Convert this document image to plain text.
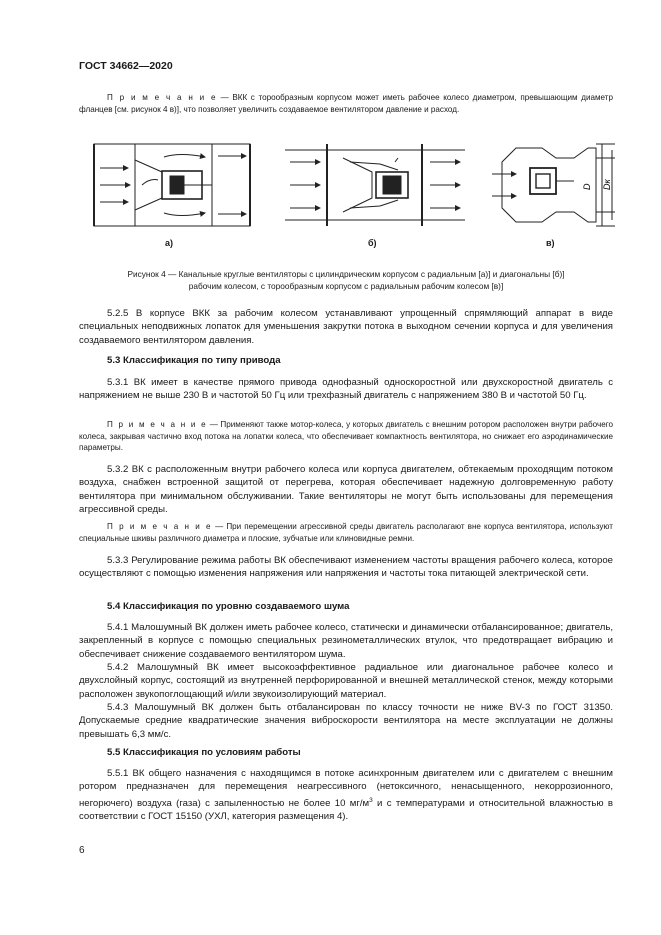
ГОСТ 34662—2020
П р и м е ч а н и е — ВКК с торообразным корпусом может иметь рабочее колесо диаметром, превышающим диаметр фланцев [см. рисунок 4 в)], что позволяет увеличить создаваемое вентилятором давление и расход.
D Dк
а)	б)	в)
Рисунок 4 — Канальные круглые вентиляторы с цилиндрическим корпусом с радиальным [а)] и диагональны [б)]
рабочим колесом, с торообразным корпусом с радиальным рабочим колесом [в)]
5.2.5 В корпусе ВКК за рабочим колесом устанавливают упрощенный спрямляющий аппарат в виде специальных неподвижных лопаток для уменьшения закрутки потока в выходном сечении корпуса и для увеличения создаваемого вентилятором давления.
5.3 Классификация по типу привода
5.3.1 ВК имеет в качестве прямого привода однофазный односкоростной или двухскоростной двигатель с напряжением не выше 230 В и частотой 50 Гц или трехфазный двигатель с напряжением 380 В и частотой 50 Гц.
П р и м е ч а н и е — Применяют также мотор-колеса, у которых двигатель с внешним ротором расположен внутри рабочего колеса, закрывая частично вход потока на лопатки колеса, что обеспечивает компактность вентилятора, но снижает его аэродинамические параметры.
5.3.2 ВК с расположенным внутри рабочего колеса или корпуса двигателем, обтекаемым проходящим потоком воздуха, снабжен встроенной защитой от перегрева, которая обеспечивает надежную долговременную работу вентилятора при минимальном обслуживании. Такие вентиляторы не могут быть использованы для перемещения агрессивной среды.
П р и м е ч а н и е — При перемещении агрессивной среды двигатель располагают вне корпуса вентилятора, используют специальные шкивы различного диаметра и плоские, зубчатые или клиновидные ремни.
5.3.3 Регулирование режима работы ВК обеспечивают изменением частоты вращения рабочего колеса, которое осуществляют с помощью изменения напряжения или напряжения и частоты тока питающей электрической сети.
5.4 Классификация по уровню создаваемого шума
5.4.1 Малошумный ВК должен иметь рабочее колесо, статически и динамически отбалансированное; двигатель, закрепленный в корпусе с помощью специальных резинометаллических втулок, что предотвращает вибрацию и обеспечивает снижение создаваемого вентилятором шума.
5.4.2 Малошумный ВК имеет высокоэффективное радиальное или диагональное рабочее колесо и двухслойный корпус, состоящий из внутренней перфорированной и внешней металлической стенок, между которыми расположен звукопоглощающий и/или звукоизолирующий материал.
5.4.3 Малошумный ВК должен быть отбалансирован по классу точности не ниже BV-3 по ГОСТ 31350. Допускаемые средние квадратические значения виброскорости вентилятора на месте эксплуатации не должны превышать 6,3 мм/с.
5.5 Классификация по условиям работы
5.5.1 ВК общего назначения с находящимся в потоке асинхронным двигателем или с двигателем с внешним ротором предназначен для перемещения неагрессивного (нетоксичного, ненасыщенного, некоррозионного, негорючего) воздуха (газа) с запыленностью не более 10 $мг/м^3$ и с температурами и относительной влажностью в соответствии с ГОСТ 15150 (УХЛ, категория размещения 4).
6
